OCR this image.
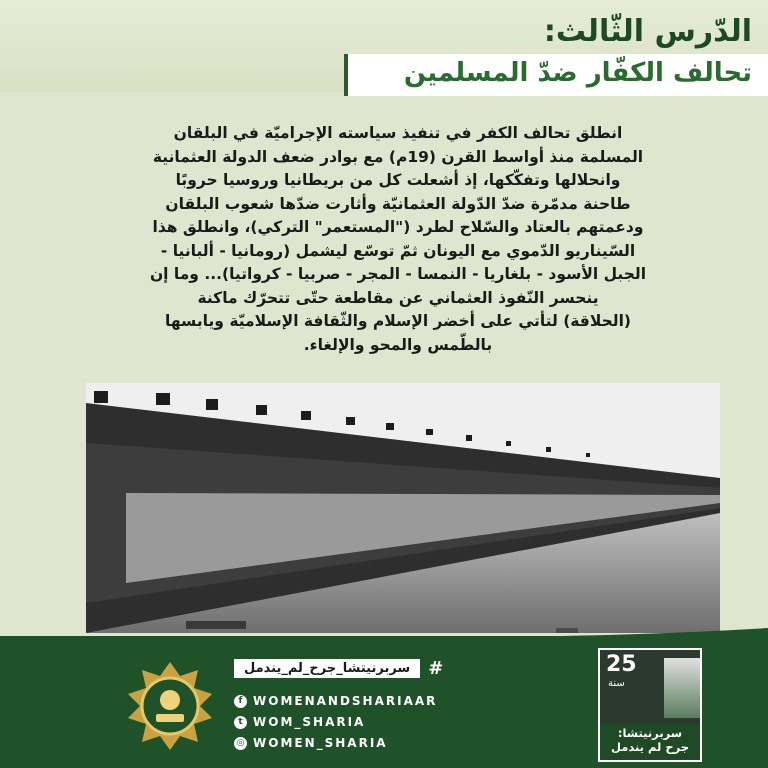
الدّرس الثّالث:
تحالف الكفّار ضدّ المسلمين
انطلق تحالف الكفر في تنفيذ سياسته الإجراميّة في البلقان
المسلمة منذ أواسط القرن (19م) مع بوادر ضعف الدولة العثمانية
وانحلالها وتفكّكها، إذ أشعلت كل من بريطانيا وروسيا حروبًا
طاحنة مدمّرة ضدّ الدّولة العثمانيّة وأثارت ضدّها شعوب البلقان
ودعمتهم بالعتاد والسّلاح لطرد ("المستعمر" التركي)، وانطلق هذا
السّيناريو الدّموي مع اليونان ثمّ توسّع ليشمل (رومانيا - ألبانيا -
الجبل الأسود - بلغاريا - النمسا - المجر - صربيا - كرواتيا)... وما إن
ينحسر النّفوذ العثماني عن مقاطعة حتّى تتحرّك ماكنة
(الحلاقة) لتأتي على أخضر الإسلام والثّقافة الإسلاميّة ويابسها
بالطّمس والمحو والإلغاء.
#
سربرنيتشا_جرح_لم_يندمل
f WOMENANDSHARIAAR
t WOM_SHARIA
◎ WOMEN_SHARIA
25
سنة
سربرنيتشا:
جرح لم يندمل
